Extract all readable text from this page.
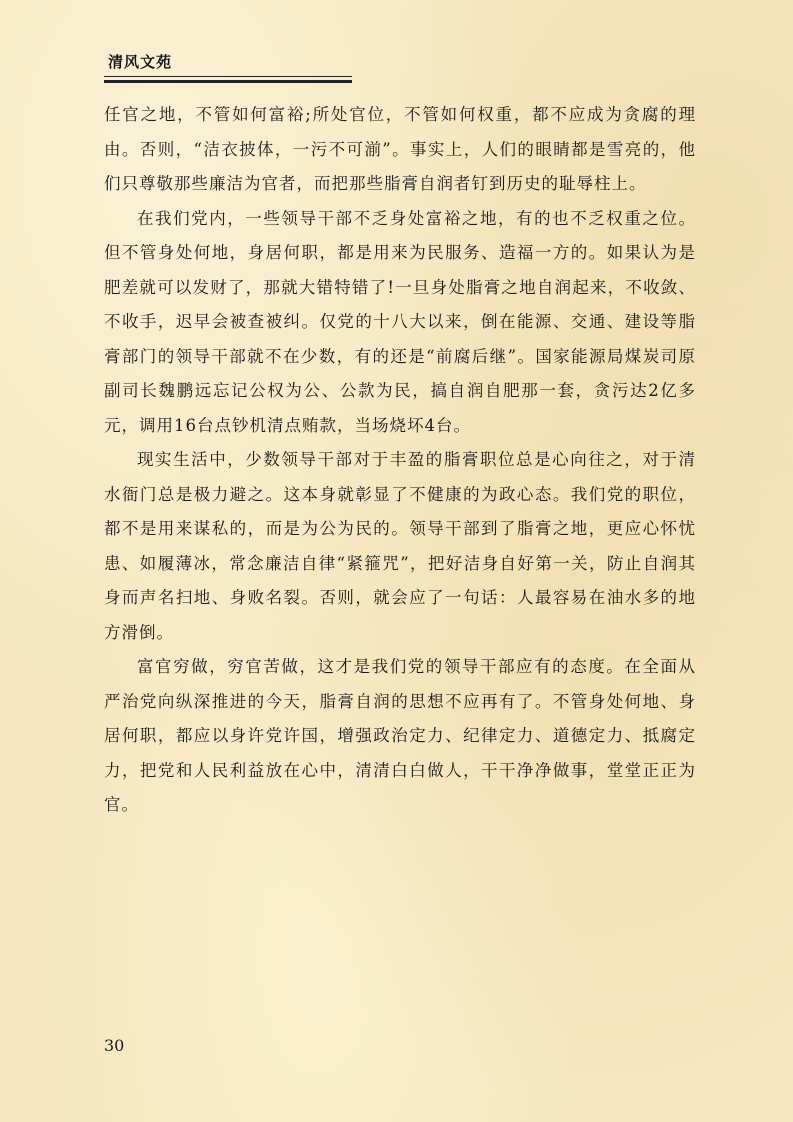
清风文苑

任官之地，不管如何富裕;所处官位，不管如何权重，都不应成为贪腐的理由。否则，“洁衣披体，一污不可湔”。事实上，人们的眼睛都是雪亮的，他们只尊敬那些廉洁为官者，而把那些脂膏自润者钉到历史的耻辱柱上。

在我们党内，一些领导干部不乏身处富裕之地，有的也不乏权重之位。但不管身处何地，身居何职，都是用来为民服务、造福一方的。如果认为是肥差就可以发财了，那就大错特错了!一旦身处脂膏之地自润起来，不收敛、不收手，迟早会被查被纠。仅党的十八大以来，倒在能源、交通、建设等脂膏部门的领导干部就不在少数，有的还是“前腐后继”。国家能源局煤炭司原副司长魏鹏远忘记公权为公、公款为民，搞自润自肥那一套，贪污达2亿多元，调用16台点钞机清点贿款，当场烧坏4台。

现实生活中，少数领导干部对于丰盈的脂膏职位总是心向往之，对于清水衙门总是极力避之。这本身就彰显了不健康的为政心态。我们党的职位，都不是用来谋私的，而是为公为民的。领导干部到了脂膏之地，更应心怀忧患、如履薄冰，常念廉洁自律“紧箍咒”，把好洁身自好第一关，防止自润其身而声名扫地、身败名裂。否则，就会应了一句话：人最容易在油水多的地方滑倒。

富官穷做，穷官苦做，这才是我们党的领导干部应有的态度。在全面从严治党向纵深推进的今天，脂膏自润的思想不应再有了。不管身处何地、身居何职，都应以身许党许国，增强政治定力、纪律定力、道德定力、抵腐定力，把党和人民利益放在心中，清清白白做人，干干净净做事，堂堂正正为官。

30
